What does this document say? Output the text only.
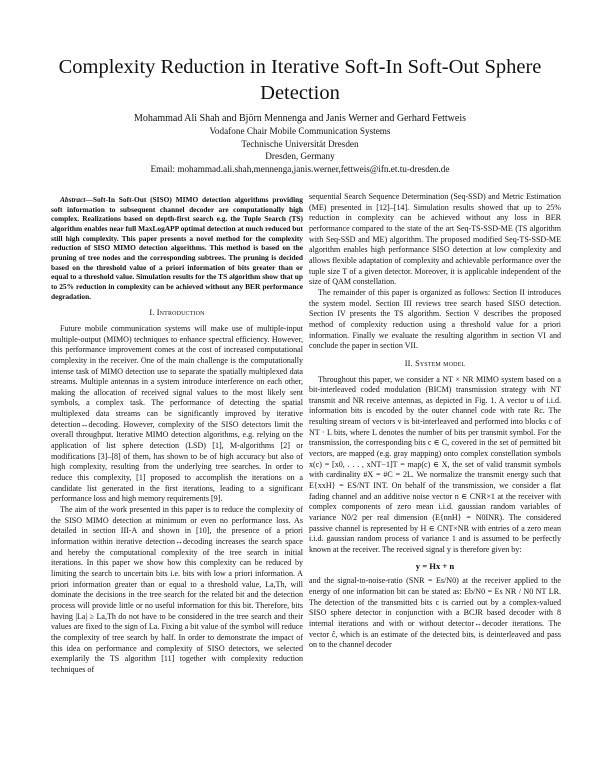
Complexity Reduction in Iterative Soft-In Soft-Out Sphere Detection
Mohammad Ali Shah and Björn Mennenga and Janis Werner and Gerhard Fettweis
Vodafone Chair Mobile Communication Systems
Technische Universität Dresden
Dresden, Germany
Email: mohammad.ali.shah,mennenga,janis.werner,fettweis@ifn.et.tu-dresden.de

Abstract—Soft-In Soft-Out (SISO) MIMO detection algorithms providing soft information to subsequent channel decoder are computationally high complex. Realizations based on depth-first search e.g. the Tuple Search (TS) algorithm enables near full MaxLogAPP optimal detection at much reduced but still high complexity. This paper presents a novel method for the complexity reduction of SISO MIMO detection algorithms. This method is based on the pruning of tree nodes and the corresponding subtrees. The pruning is decided based on the threshold value of a priori information of bits greater than or equal to a threshold value. Simulation results for the TS algorithm show that up to 25% reduction in complexity can be achieved without any BER performance degradation.

I. Introduction

Future mobile communication systems will make use of multiple-input multiple-output (MIMO) techniques to enhance spectral efficiency. However, this performance improvement comes at the cost of increased computational complexity in the receiver. One of the main challenge is the computationally intense task of MIMO detection use to separate the spatially multiplexed data streams. Multiple antennas in a system introduce interference on each other, making the allocation of received signal values to the most likely sent symbols, a complex task. The performance of detecting the spatial multiplexed data streams can be significantly improved by iterative detection↔decoding. However, complexity of the SISO detectors limit the overall throughput. Iterative MIMO detection algorithms, e.g. relying on the application of list sphere detection (LSD) [1], M-algorithms [2] or modifications [3]–[8] of them, has shown to be of high accuracy but also of high complexity, resulting from the underlying tree searches. In order to reduce this complexity, [1] proposed to accomplish the iterations on a candidate list generated in the first iterations, leading to a significant performance loss and high memory requirements [9].

The aim of the work presented in this paper is to reduce the complexity of the SISO MIMO detection at minimum or even no performance loss. As detailed in section III-A and shown in [10], the presence of a priori information within iterative detection↔decoding increases the search space and hereby the computational complexity of the tree search in initial iterations. In this paper we show how this complexity can be reduced by limiting the search to uncertain bits i.e. bits with low a priori information. A priori information greater than or equal to a threshold value, La,Th, will dominate the decisions in the tree search for the related bit and the detection process will provide little or no useful information for this bit. Therefore, bits having |La| ≥ La,Th do not have to be considered in the tree search and their values are fixed to the sign of La. Fixing a bit value of the symbol will reduce the complexity of tree search by half. In order to demonstrate the impact of this idea on performance and complexity of SISO detectors, we selected exemplarily the TS algorithm [11] together with complexity reduction techniques of

sequential Search Sequence Determination (Seq-SSD) and Metric Estimation (ME) presented in [12]–[14]. Simulation results showed that up to 25% reduction in complexity can be achieved without any loss in BER performance compared to the state of the art Seq-TS-SSD-ME (TS algorithm with Seq-SSD and ME) algorithm. The proposed modified Seq-TS-SSD-ME algorithm enables high performance SISO detection at low complexity and allows flexible adaptation of complexity and achievable performance over the tuple size T of a given detector. Moreover, it is applicable independent of the size of QAM constellation.

The remainder of this paper is organized as follows: Section II introduces the system model. Section III reviews tree search based SISO detection. Section IV presents the TS algorithm. Section V describes the proposed method of complexity reduction using a threshold value for a priori information. Finally we evaluate the resulting algorithm in section VI and conclude the paper in section VII.

II. System model

Throughout this paper, we consider a NT × NR MIMO system based on a bit-interleaved coded modulation (BICM) transmission strategy with NT transmit and NR receive antennas, as depicted in Fig. 1. A vector u of i.i.d. information bits is encoded by the outer channel code with rate Rc. The resulting stream of vectors v is bit-interleaved and performed into blocks c of NT · L bits, where L denotes the number of bits per transmit symbol. For the transmission, the corresponding bits c ∈ C, covered in the set of permitted bit vectors, are mapped (e.g. gray mapping) onto complex constellation symbols x(c) = [x0, . . . , xNT−1]T = map(c) ∈ X, the set of valid transmit symbols with cardinality #X = #C = 2L. We normalize the transmit energy such that E{xxH} = ES/NT INT. On behalf of the transmission, we consider a flat fading channel and an additive noise vector n ∈ CNR×1 at the receiver with complex components of zero mean i.i.d. gaussian random variables of variance N0/2 per real dimension (E{nnH} = N0INR). The considered passive channel is represented by H ∈ CNT×NR with entries of a zero mean i.i.d. gaussian random process of variance 1 and is assumed to be perfectly known at the receiver. The received signal y is therefore given by:

y = Hx + n

and the signal-to-noise-ratio (SNR = Es/N0) at the receiver applied to the energy of one information bit can be stated as: Eb/N0 = Es NR / N0 NT LR. The detection of the transmitted bits c is carried out by a complex-valued SISO sphere detector in conjunction with a BCJR based decoder with 8 internal iterations and with or without detector↔decoder iterations. The vector ĉ, which is an estimate of the detected bits, is deinterleaved and pass on to the channel decoder
